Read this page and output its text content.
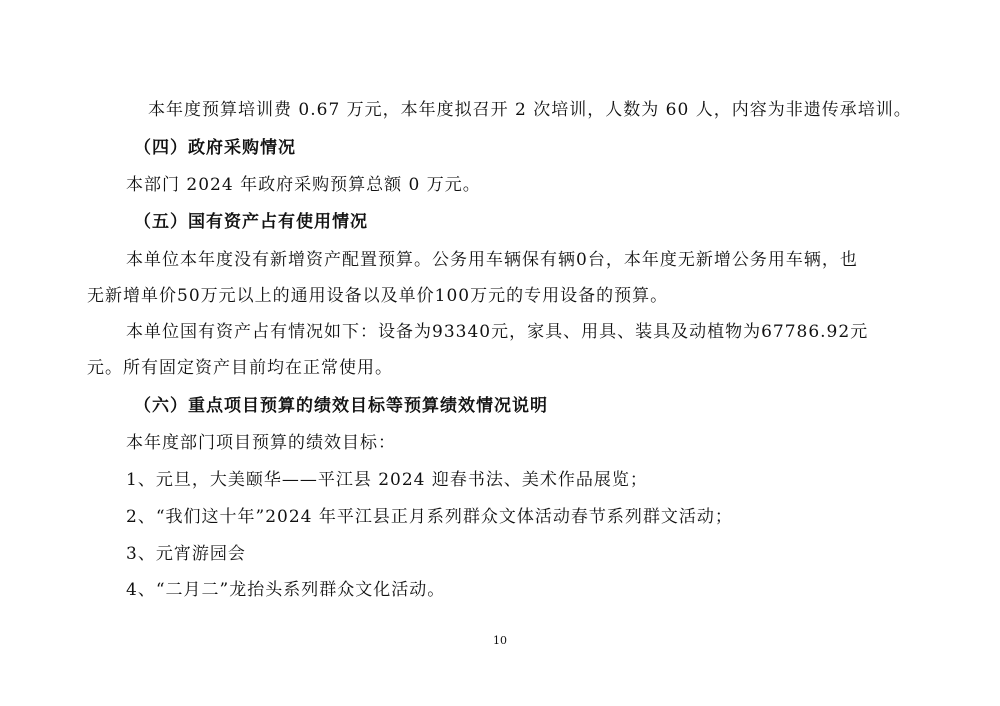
本年度预算培训费 0.67 万元，本年度拟召开 2 次培训，人数为 60 人，内容为非遗传承培训。
（四）政府采购情况
本部门 2024 年政府采购预算总额 0 万元。
（五）国有资产占有使用情况
本单位本年度没有新增资产配置预算。公务用车辆保有辆0台，本年度无新增公务用车辆，也
无新增单价50万元以上的通用设备以及单价100万元的专用设备的预算。
本单位国有资产占有情况如下：设备为93340元，家具、用具、装具及动植物为67786.92元
元。所有固定资产目前均在正常使用。
（六）重点项目预算的绩效目标等预算绩效情况说明
本年度部门项目预算的绩效目标：
1、元旦，大美颐华——平江县 2024 迎春书法、美术作品展览；
2、“我们这十年”2024 年平江县正月系列群众文体活动春节系列群文活动；
3、元宵游园会
4、“二月二”龙抬头系列群众文化活动。
10
